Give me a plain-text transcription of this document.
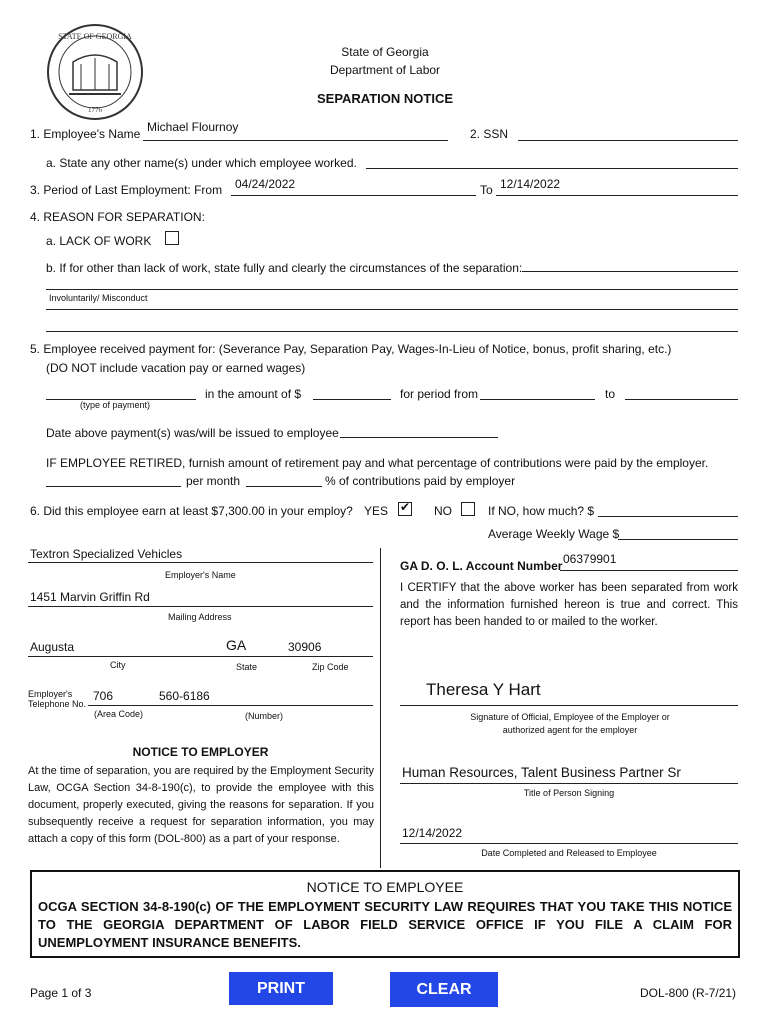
STATE OF GEORGIA
1776
State of Georgia
Department of Labor
SEPARATION NOTICE
1. Employee's Name Michael Flournoy	2. SSN
a. State any other name(s) under which employee worked.
3. Period of Last Employment: From 04/24/2022	To 12/14/2022
4. REASON FOR SEPARATION:
a. LACK OF WORK
b. If for other than lack of work, state fully and clearly the circumstances of the separation:
Involuntarily/ Misconduct
5. Employee received payment for: (Severance Pay, Separation Pay, Wages-In-Lieu of Notice, bonus, profit sharing, etc.)
(DO NOT include vacation pay or earned wages)
(type of payment)
in the amount of $	for period from	to
Date above payment(s) was/will be issued to employee
IF EMPLOYEE RETIRED, furnish amount of retirement pay and what percentage of contributions were paid by the employer.
per month	% of contributions paid by employer
6. Did this employee earn at least $7,300.00 in your employ? YES
✔	NO	If NO, how much? $
Average Weekly Wage $
Textron Specialized Vehicles
Employer's Name
1451 Marvin Griffin Rd
Mailing Address
Augusta	GA	30906
City	State	Zip Code
Employer's Telephone No.
706	560-6186
(Area Code)	(Number)
NOTICE TO EMPLOYER
At the time of separation, you are required by the Employment Security Law, OCGA Section 34-8-190(c), to provide the employee with this document, properly executed, giving the reasons for separation. If you subsequently receive a request for separation information, you may attach a copy of this form (DOL-800) as a part of your response.
GA D. O. L. Account Number 06379901
I CERTIFY that the above worker has been separated from work and the information furnished hereon is true and correct. This report has been handed to or mailed to the worker.
Theresa Y Hart
Signature of Official, Employee of the Employer or authorized agent for the employer
Human Resources, Talent Business Partner Sr
Title of Person Signing
12/14/2022
Date Completed and Released to Employee
NOTICE TO EMPLOYEE
OCGA SECTION 34-8-190(c) OF THE EMPLOYMENT SECURITY LAW REQUIRES THAT YOU TAKE THIS NOTICE TO THE GEORGIA DEPARTMENT OF LABOR FIELD SERVICE OFFICE IF YOU FILE A CLAIM FOR UNEMPLOYMENT INSURANCE BENEFITS.
Page 1 of 3	PRINT	CLEAR	DOL-800 (R-7/21)
